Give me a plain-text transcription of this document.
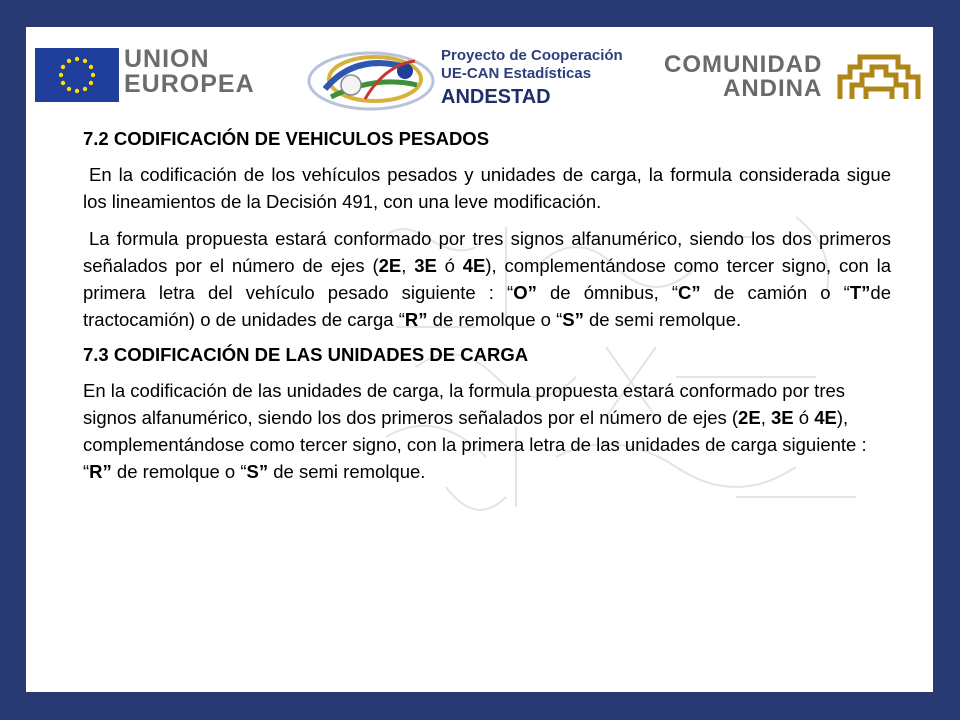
UNION
EUROPEA
Proyecto de Cooperación
UE-CAN Estadísticas
ANDESTAD
COMUNIDAD
ANDINA
7.2 CODIFICACIÓN DE VEHICULOS PESADOS
En la codificación de los vehículos pesados y unidades de carga, la formula considerada sigue los lineamientos de la Decisión 491, con una leve modificación.
La formula propuesta estará conformado por tres signos alfanumérico, siendo los dos primeros señalados por el número de ejes (2E, 3E ó 4E), complementándose como tercer signo, con la primera letra del vehículo pesado siguiente : “O” de ómnibus, “C” de camión o “T”de tractocamión) o de unidades de carga “R” de remolque o “S” de semi remolque.
7.3 CODIFICACIÓN DE LAS UNIDADES DE CARGA
En la codificación de las unidades de carga, la formula propuesta estará conformado por tres signos alfanumérico, siendo los dos primeros señalados por el número de ejes (2E, 3E ó 4E), complementándose como tercer signo, con la primera letra de las unidades de carga siguiente : “R” de remolque o “S” de semi remolque.
